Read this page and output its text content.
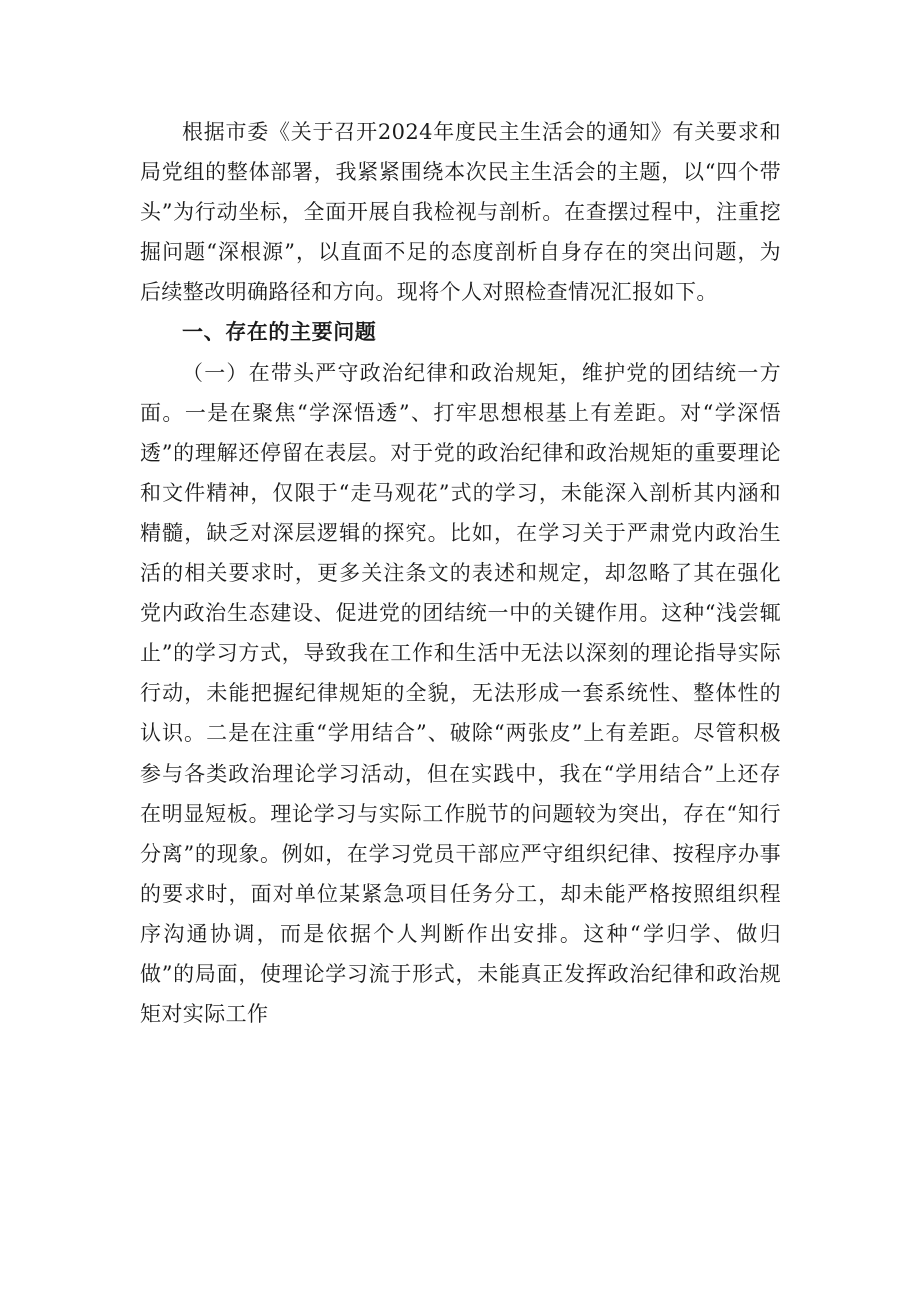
根据市委《关于召开2024年度民主生活会的通知》有关要求和局党组的整体部署，我紧紧围绕本次民主生活会的主题，以“四个带头”为行动坐标，全面开展自我检视与剖析。在查摆过程中，注重挖掘问题“深根源”，以直面不足的态度剖析自身存在的突出问题，为后续整改明确路径和方向。现将个人对照检查情况汇报如下。

一、存在的主要问题

（一）在带头严守政治纪律和政治规矩，维护党的团结统一方面。一是在聚焦“学深悟透”、打牢思想根基上有差距。对“学深悟透”的理解还停留在表层。对于党的政治纪律和政治规矩的重要理论和文件精神，仅限于“走马观花”式的学习，未能深入剖析其内涵和精髓，缺乏对深层逻辑的探究。比如，在学习关于严肃党内政治生活的相关要求时，更多关注条文的表述和规定，却忽略了其在强化党内政治生态建设、促进党的团结统一中的关键作用。这种“浅尝辄止”的学习方式，导致我在工作和生活中无法以深刻的理论指导实际行动，未能把握纪律规矩的全貌，无法形成一套系统性、整体性的认识。二是在注重“学用结合”、破除“两张皮”上有差距。尽管积极参与各类政治理论学习活动，但在实践中，我在“学用结合”上还存在明显短板。理论学习与实际工作脱节的问题较为突出，存在“知行分离”的现象。例如，在学习党员干部应严守组织纪律、按程序办事的要求时，面对单位某紧急项目任务分工，却未能严格按照组织程序沟通协调，而是依据个人判断作出安排。这种“学归学、做归做”的局面，使理论学习流于形式，未能真正发挥政治纪律和政治规矩对实际工作
